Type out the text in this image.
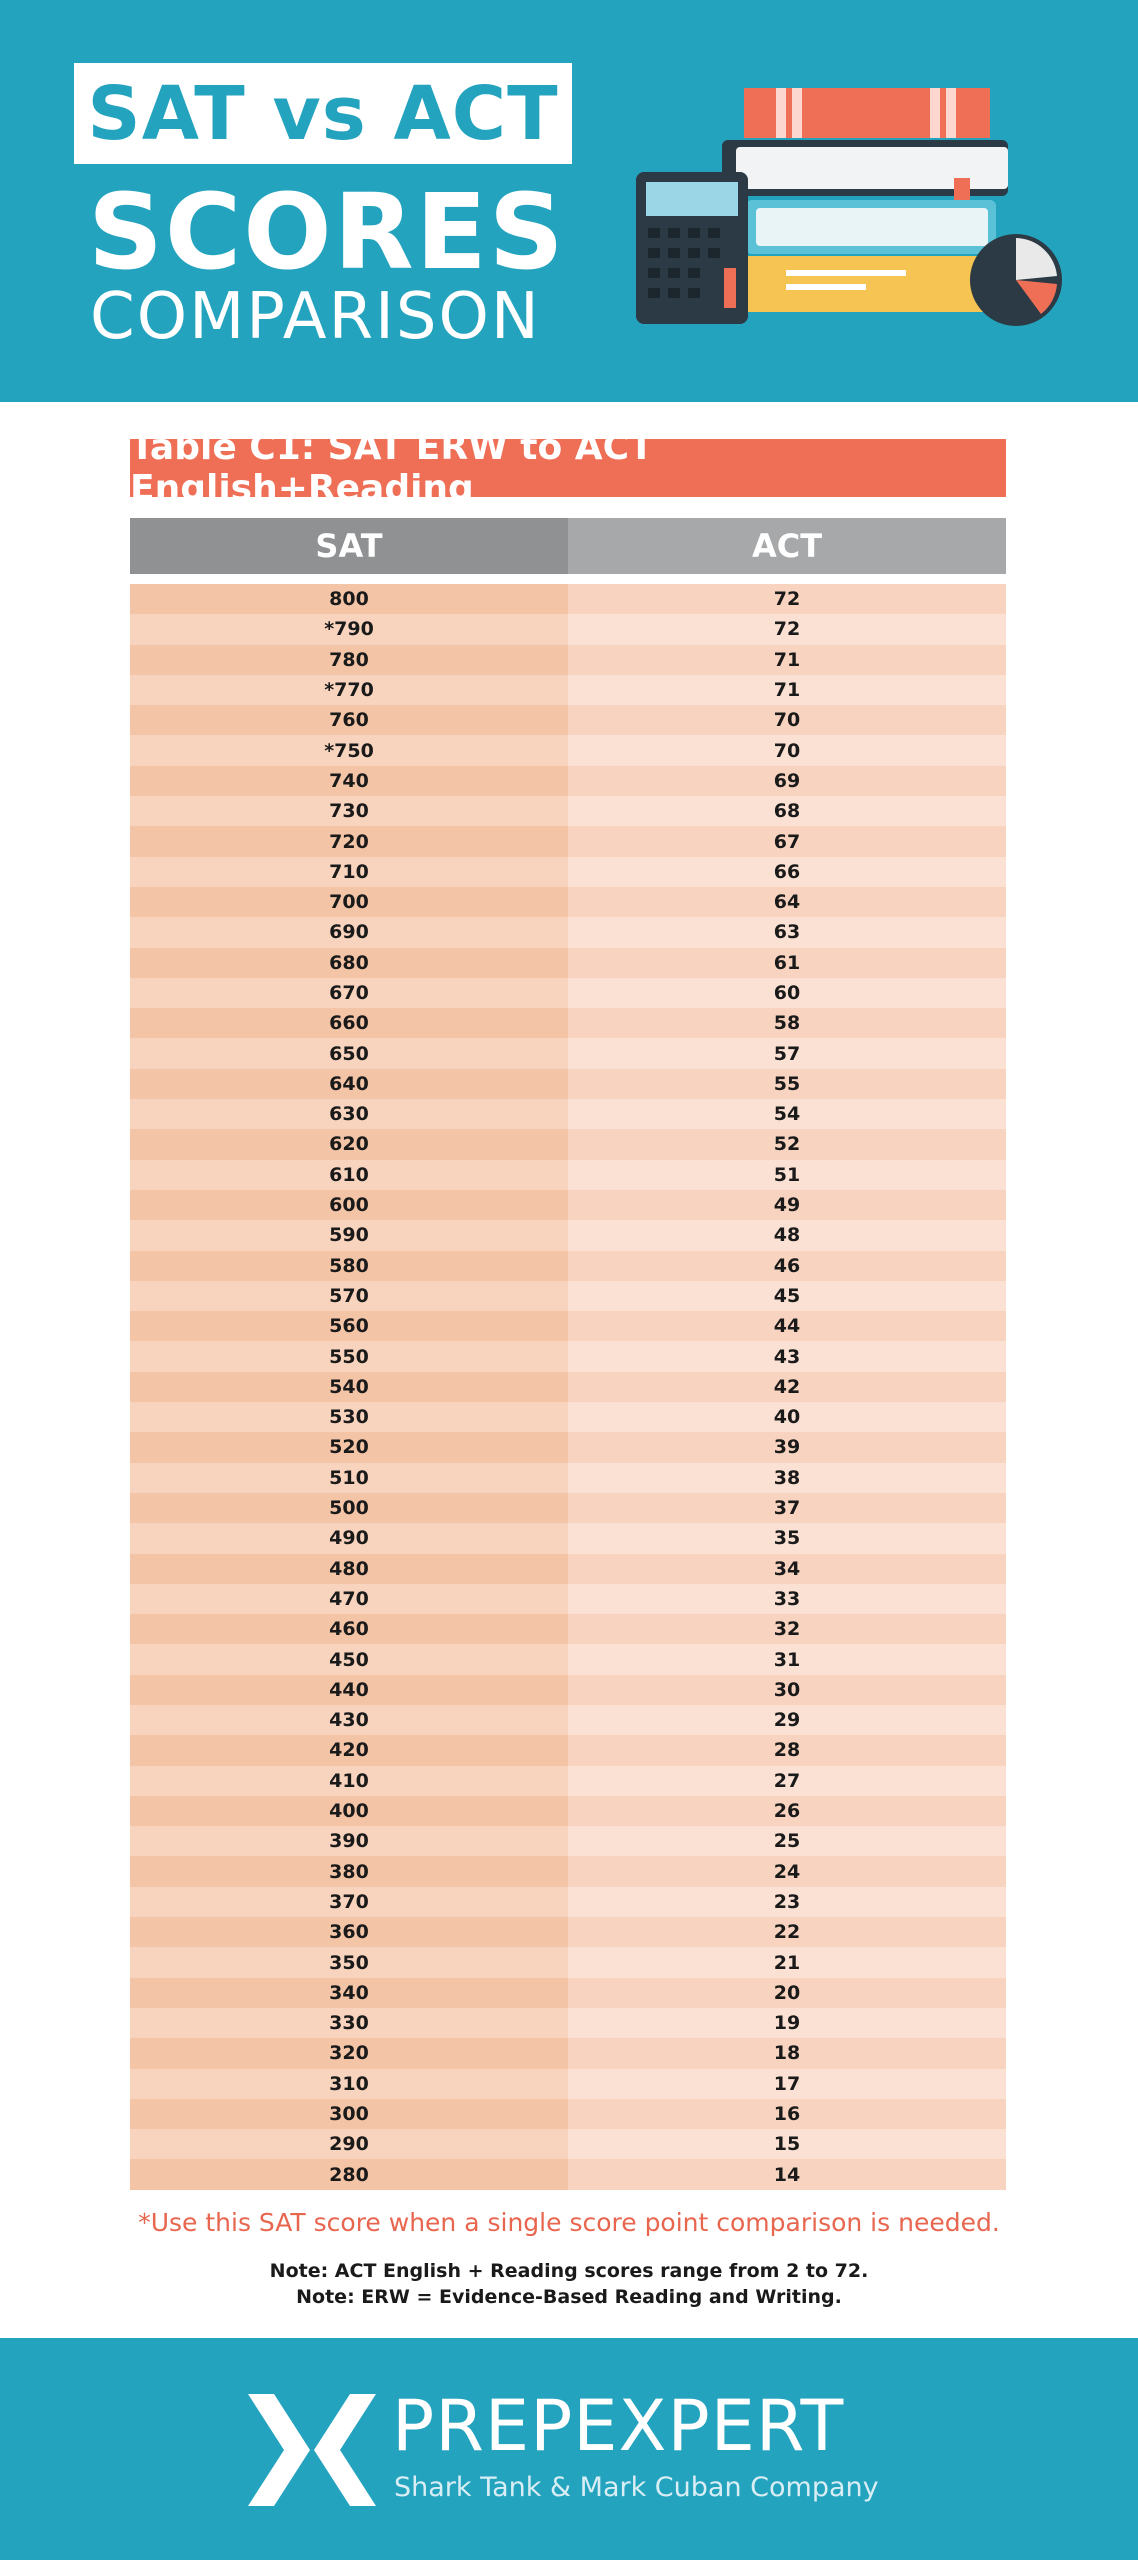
SAT vs ACT
SCORES
COMPARISON
Table C1: SAT ERW to ACT English+Reading
SAT	ACT
800	72
*790	72
780	71
*770	71
760	70
*750	70
740	69
730	68
720	67
710	66
700	64
690	63
680	61
670	60
660	58
650	57
640	55
630	54
620	52
610	51
600	49
590	48
580	46
570	45
560	44
550	43
540	42
530	40
520	39
510	38
500	37
490	35
480	34
470	33
460	32
450	31
440	30
430	29
420	28
410	27
400	26
390	25
380	24
370	23
360	22
350	21
340	20
330	19
320	18
310	17
300	16
290	15
280	14
*Use this SAT score when a single score point comparison is needed.
Note: ACT English + Reading scores range from 2 to 72.
Note: ERW = Evidence-Based Reading and Writing.
PREPEXPERT
Shark Tank & Mark Cuban Company
